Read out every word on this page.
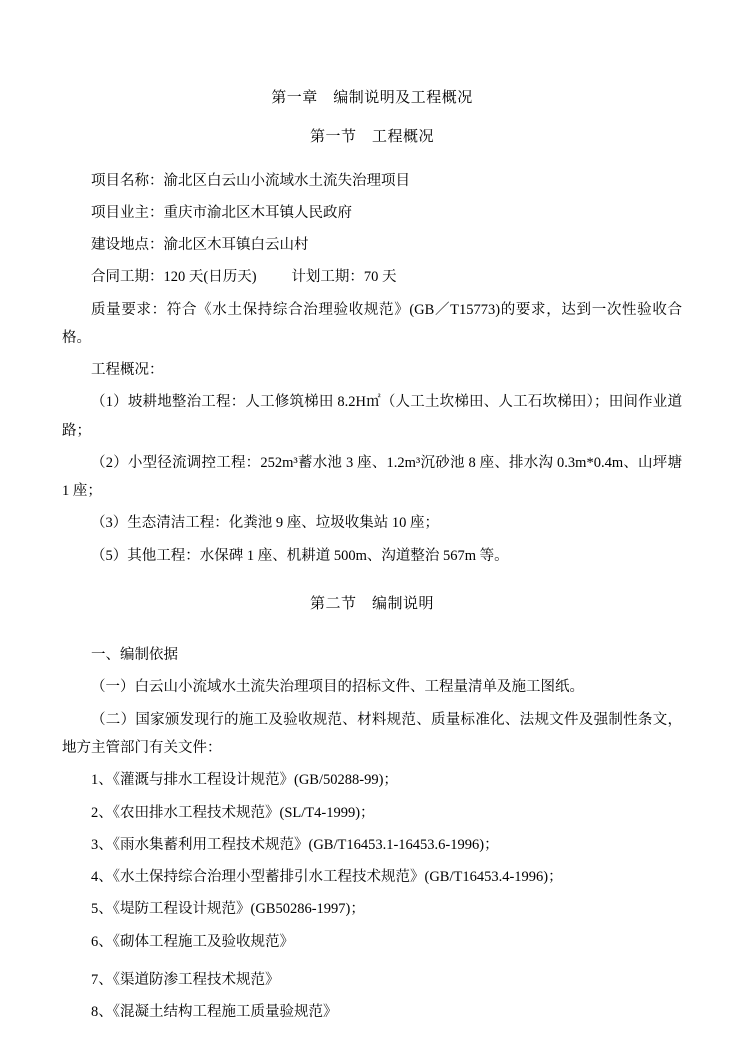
第一章　编制说明及工程概况
第一节　工程概况

项目名称：渝北区白云山小流域水土流失治理项目

项目业主：重庆市渝北区木耳镇人民政府

建设地点：渝北区木耳镇白云山村

合同工期：120 天(日历天) 计划工期：70 天

质量要求：符合《水土保持综合治理验收规范》(GB／T15773)的要求，达到一次性验收合格。

工程概况：

（1）坡耕地整治工程：人工修筑梯田 8.2H㎡（人工土坎梯田、人工石坎梯田）；田间作业道路；

（2）小型径流调控工程：252m³蓄水池 3 座、1.2m³沉砂池 8 座、排水沟 0.3m*0.4m、山坪塘 1 座；

（3）生态清洁工程：化粪池 9 座、垃圾收集站 10 座；

（5）其他工程：水保碑 1 座、机耕道 500m、沟道整治 567m 等。

第二节　编制说明

一、编制依据

（一）白云山小流域水土流失治理项目的招标文件、工程量清单及施工图纸。

（二）国家颁发现行的施工及验收规范、材料规范、质量标准化、法规文件及强制性条文，地方主管部门有关文件：

1、《灌溉与排水工程设计规范》(GB/50288-99)；

2、《农田排水工程技术规范》(SL/T4-1999)；

3、《雨水集蓄利用工程技术规范》(GB/T16453.1-16453.6-1996)；

4、《水土保持综合治理小型蓄排引水工程技术规范》(GB/T16453.4-1996)；

5、《堤防工程设计规范》(GB50286-1997)；

6、《砌体工程施工及验收规范》

7、《渠道防渗工程技术规范》

8、《混凝土结构工程施工质量验规范》
